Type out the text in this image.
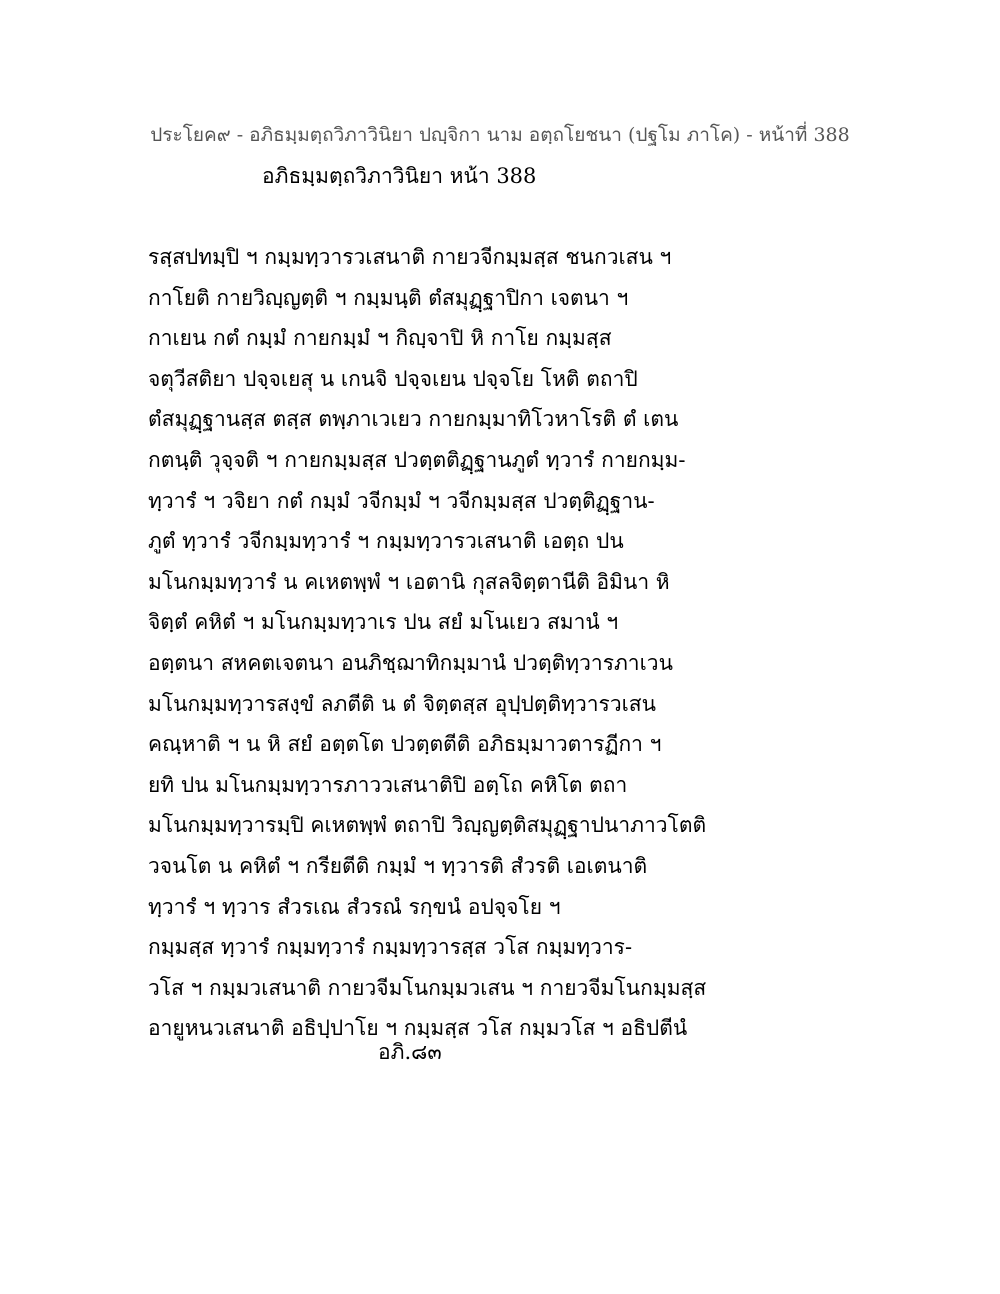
ประโยค๙ - อภิธมฺมตฺถวิภาวินิยา ปญฺจิกา นาม อตฺถโยชนา (ปฐโม ภาโค) - หน้าที่ 388
อภิธมฺมตฺถวิภาวินิยา หน้า 388
รสฺสปทมฺปิ ฯ กมฺมทฺวารวเสนาติ กายวจีกมฺมสฺส ชนกวเสน ฯ
กาโยติ กายวิญฺญตฺติ ฯ กมฺมนฺติ ตํสมุฏฺฐาปิกา เจตนา ฯ
กาเยน กตํ กมฺมํ กายกมฺมํ ฯ กิญฺจาปิ หิ กาโย กมฺมสฺส
จตุวีสติยา ปจฺจเยสุ น เกนจิ ปจฺจเยน ปจฺจโย โหติ ตถาปิ
ตํสมุฏฺฐานสฺส ตสฺส ตพฺภาเวเยว กายกมฺมาทิโวหาโรติ ตํ เตน
กตนฺติ วุจฺจติ ฯ กายกมฺมสฺส ปวตฺตติฏฺฐานภูตํ ทฺวารํ กายกมฺม-
ทฺวารํ ฯ วจิยา กตํ กมฺมํ วจีกมฺมํ ฯ วจีกมฺมสฺส ปวตฺติฏฺฐาน-
ภูตํ ทฺวารํ วจีกมฺมทฺวารํ ฯ กมฺมทฺวารวเสนาติ เอตฺถ ปน
มโนกมฺมทฺวารํ น คเหตพฺพํ ฯ เอตานิ กุสลจิตฺตานีติ อิมินา หิ
จิตฺตํ คหิตํ ฯ มโนกมฺมทฺวาเร ปน สยํ มโนเยว สมานํ ฯ
อตฺตนา สหคตเจตนา อนภิชฺฌาทิกมฺมานํ ปวตฺติทฺวารภาเวน
มโนกมฺมทฺวารสงฺขํ ลภตีติ น ตํ จิตฺตสฺส อุปฺปตฺติทฺวารวเสน
คณฺหาติ ฯ น หิ สยํ อตฺตโต ปวตฺตตีติ อภิธมฺมาวตารฏีกา ฯ
ยทิ ปน มโนกมฺมทฺวารภาววเสนาติปิ อตฺโถ คหิโต ตถา
มโนกมฺมทฺวารมฺปิ คเหตพฺพํ ตถาปิ วิญฺญตฺติสมุฏฺฐาปนาภาวโตติ
วจนโต น คหิตํ ฯ กรียตีติ กมฺมํ ฯ ทฺวารติ สํวรติ เอเตนาติ
ทฺวารํ ฯ ทฺวาร สํวรเณ สํวรณํ รกฺขนํ อปจฺจโย ฯ
กมฺมสฺส ทฺวารํ กมฺมทฺวารํ กมฺมทฺวารสฺส วโส กมฺมทฺวาร-
วโส ฯ กมฺมวเสนาติ กายวจีมโนกมฺมวเสน ฯ กายวจีมโนกมฺมสฺส
อายูหนวเสนาติ อธิปฺปาโย ฯ กมฺมสฺส วโส กมฺมวโส ฯ อธิปตีนํ
อภิ.๘๓
